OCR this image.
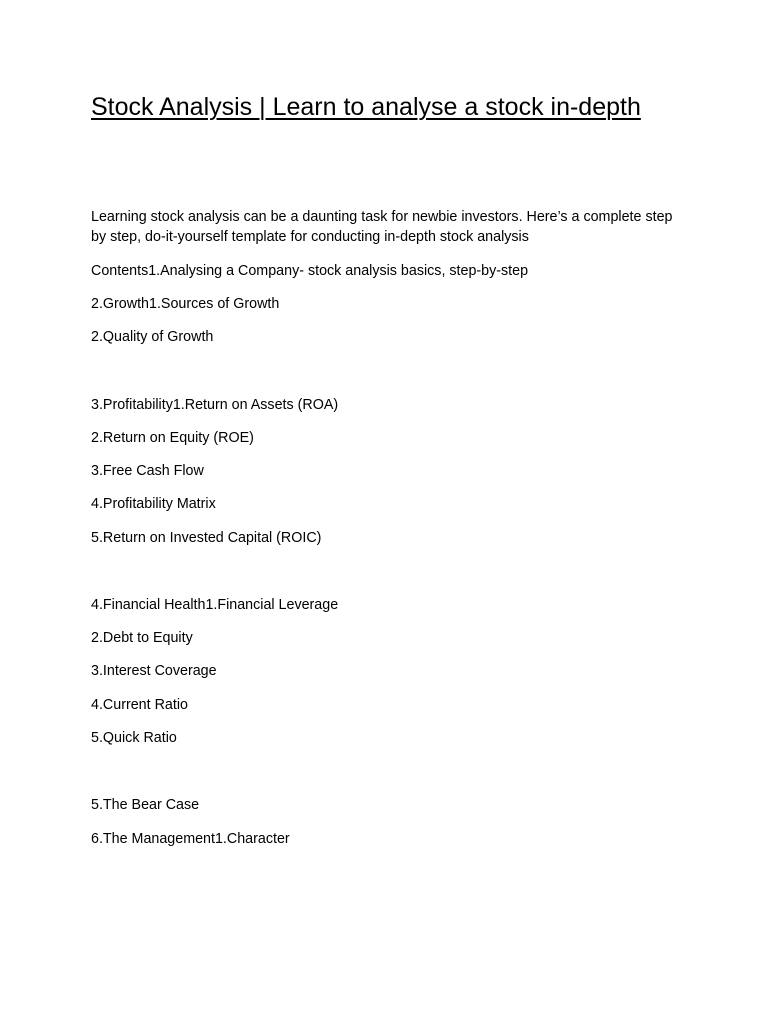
Stock Analysis | Learn to analyse a stock in-depth

Learning stock analysis can be a daunting task for newbie investors. Here’s a complete step by step, do-it-yourself template for conducting in-depth stock analysis

Contents1.Analysing a Company- stock analysis basics, step-by-step

2.Growth1.Sources of Growth

2.Quality of Growth

3.Profitability1.Return on Assets (ROA)

2.Return on Equity (ROE)

3.Free Cash Flow

4.Profitability Matrix

5.Return on Invested Capital (ROIC)

4.Financial Health1.Financial Leverage

2.Debt to Equity

3.Interest Coverage

4.Current Ratio

5.Quick Ratio

5.The Bear Case

6.The Management1.Character
